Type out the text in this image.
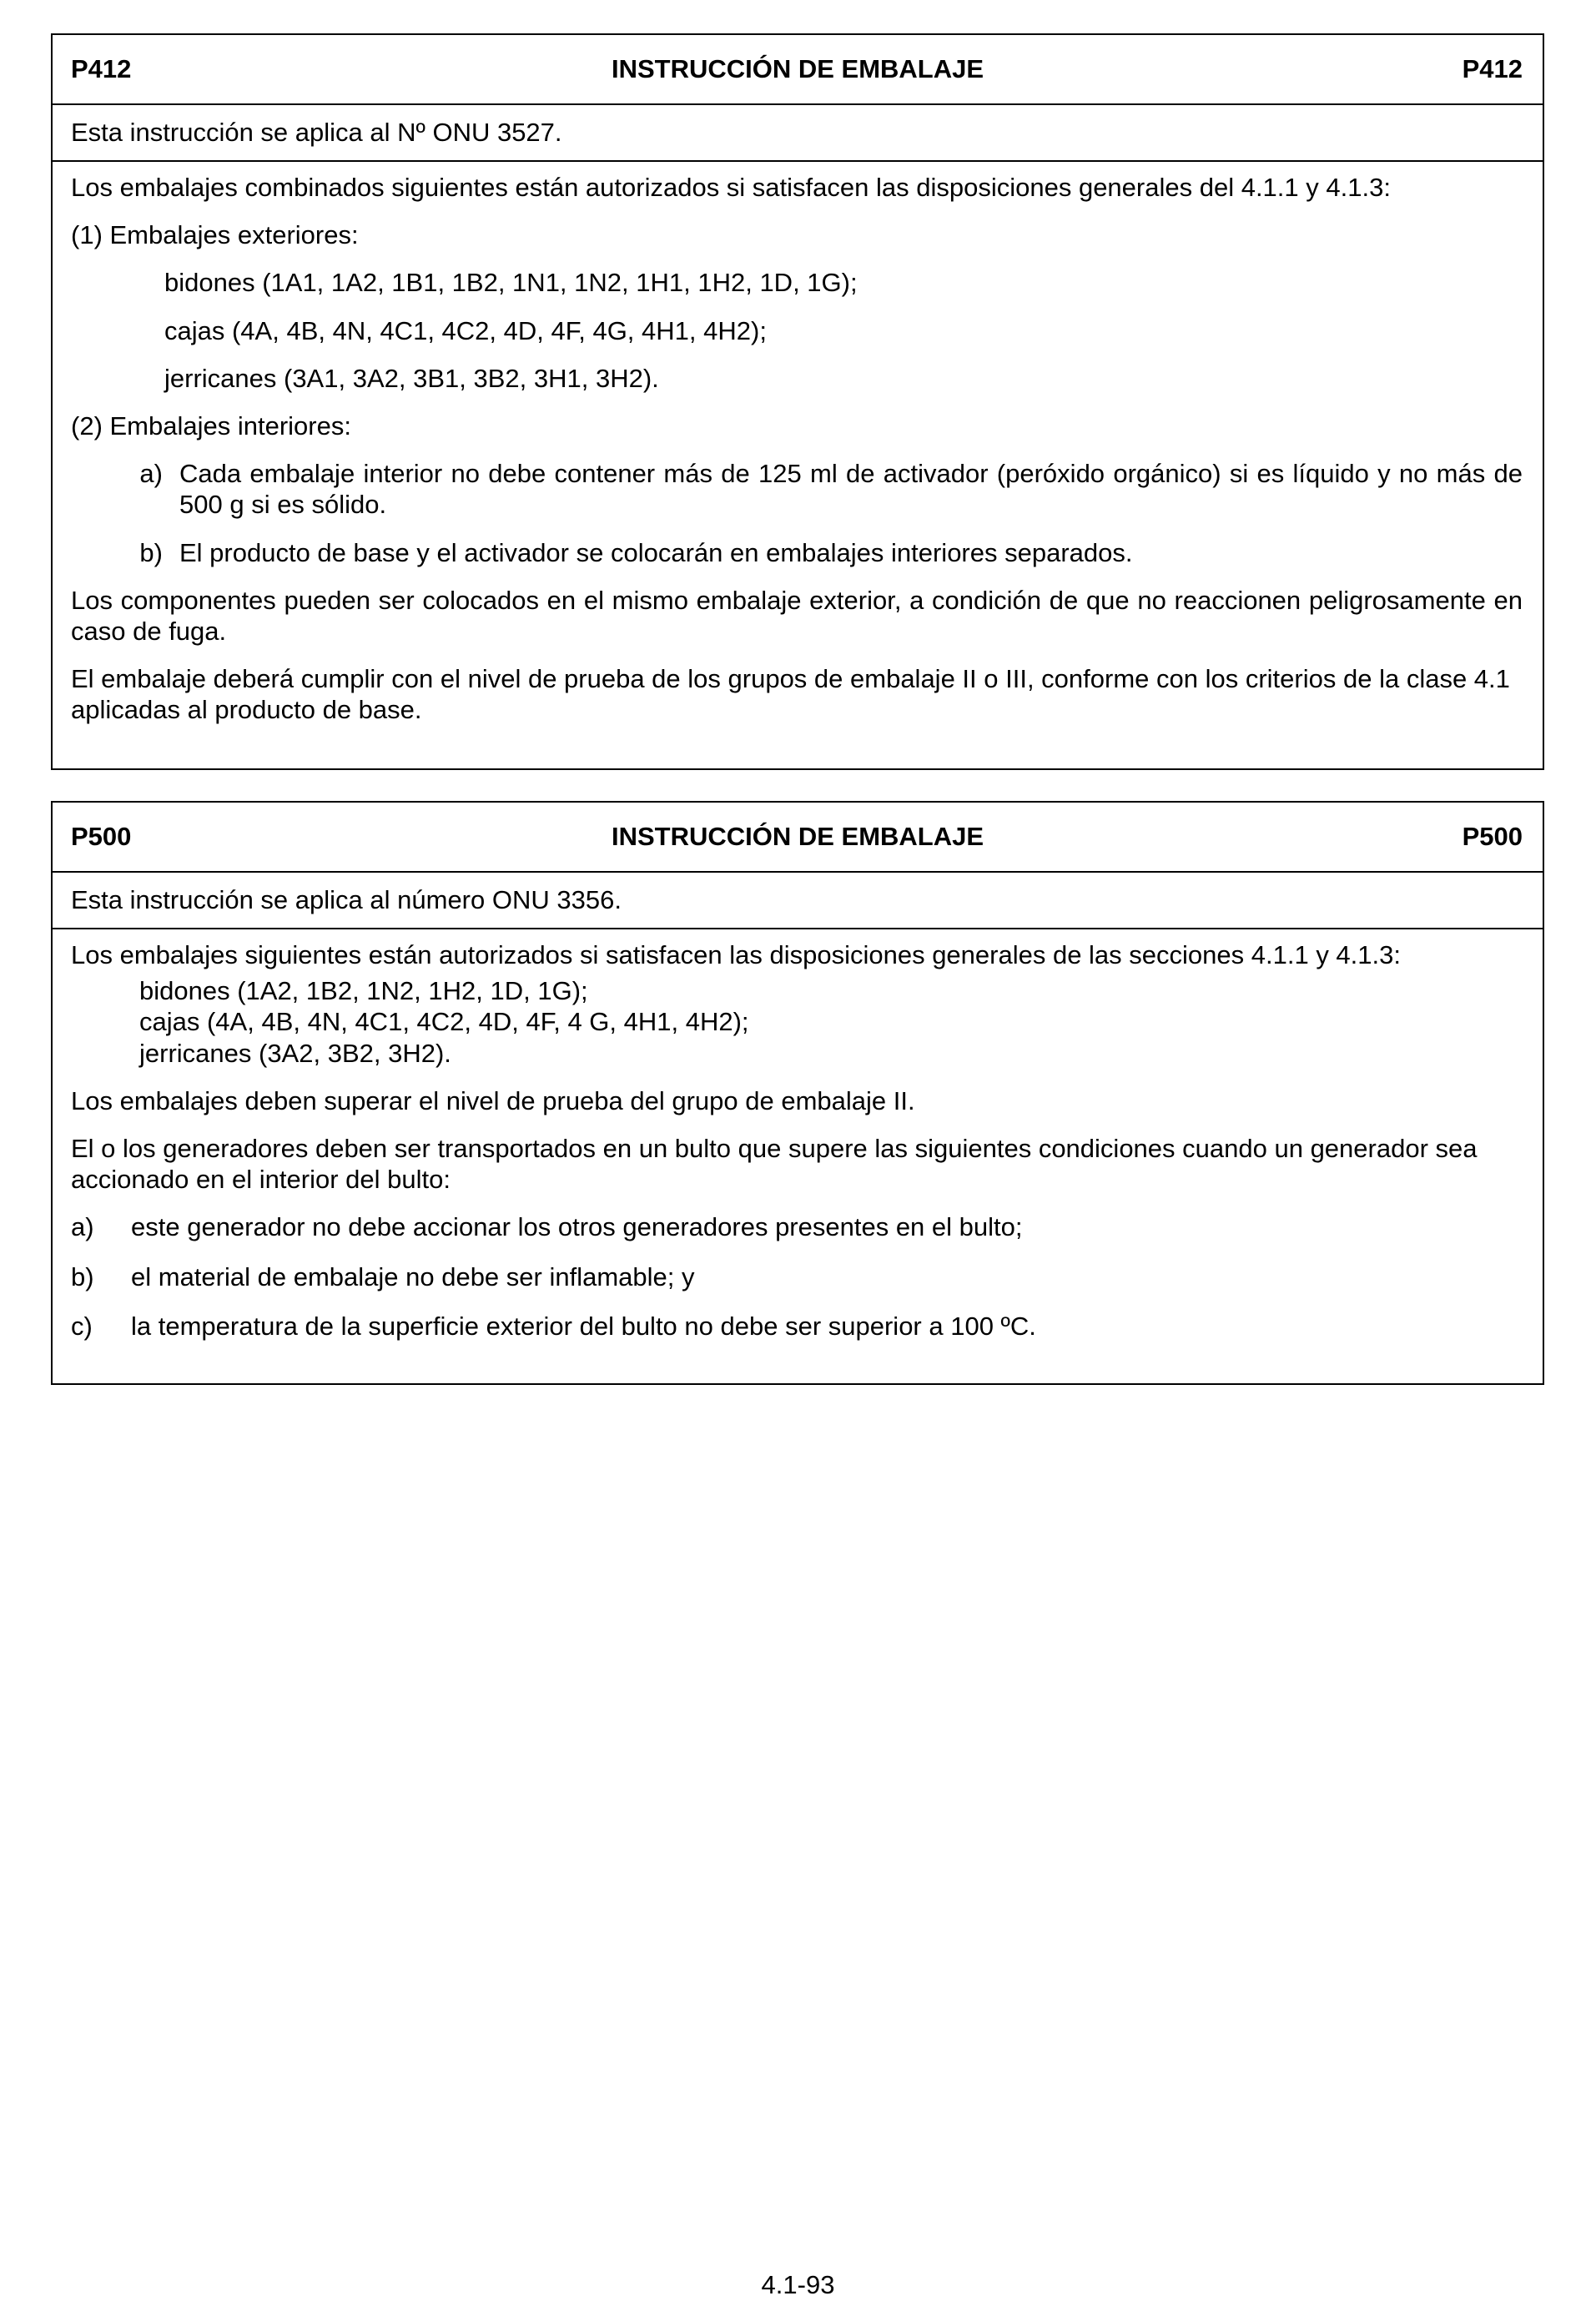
P412	INSTRUCCIÓN DE EMBALAJE	P412
Esta instrucción se aplica al Nº ONU 3527.

Los embalajes combinados siguientes están autorizados si satisfacen las disposiciones generales del 4.1.1 y 4.1.3:

(1) Embalajes exteriores:

bidones (1A1, 1A2, 1B1, 1B2, 1N1, 1N2, 1H1, 1H2, 1D, 1G);

cajas (4A, 4B, 4N, 4C1, 4C2, 4D, 4F, 4G, 4H1, 4H2);

jerricanes (3A1, 3A2, 3B1, 3B2, 3H1, 3H2).

(2) Embalajes interiores:

a) Cada embalaje interior no debe contener más de 125 ml de activador (peróxido orgánico) si es líquido y no más de 500 g si es sólido.
b) El producto de base y el activador se colocarán en embalajes interiores separados.

Los componentes pueden ser colocados en el mismo embalaje exterior, a condición de que no reaccionen peligrosamente en caso de fuga.

El embalaje deberá cumplir con el nivel de prueba de los grupos de embalaje II o III, conforme con los criterios de la clase 4.1 aplicadas al producto de base.

P500	INSTRUCCIÓN DE EMBALAJE	P500
Esta instrucción se aplica al número ONU 3356.

Los embalajes siguientes están autorizados si satisfacen las disposiciones generales de las secciones 4.1.1 y 4.1.3:

bidones (1A2, 1B2, 1N2, 1H2, 1D, 1G);

cajas (4A, 4B, 4N, 4C1, 4C2, 4D, 4F, 4 G, 4H1, 4H2);

jerricanes (3A2, 3B2, 3H2).

Los embalajes deben superar el nivel de prueba del grupo de embalaje II.

El o los generadores deben ser transportados en un bulto que supere las siguientes condiciones cuando un generador sea accionado en el interior del bulto:

a) este generador no debe accionar los otros generadores presentes en el bulto;
b) el material de embalaje no debe ser inflamable; y
c)	la temperatura de la superficie exterior del bulto no debe ser superior a 100 ºC.
4.1-93
